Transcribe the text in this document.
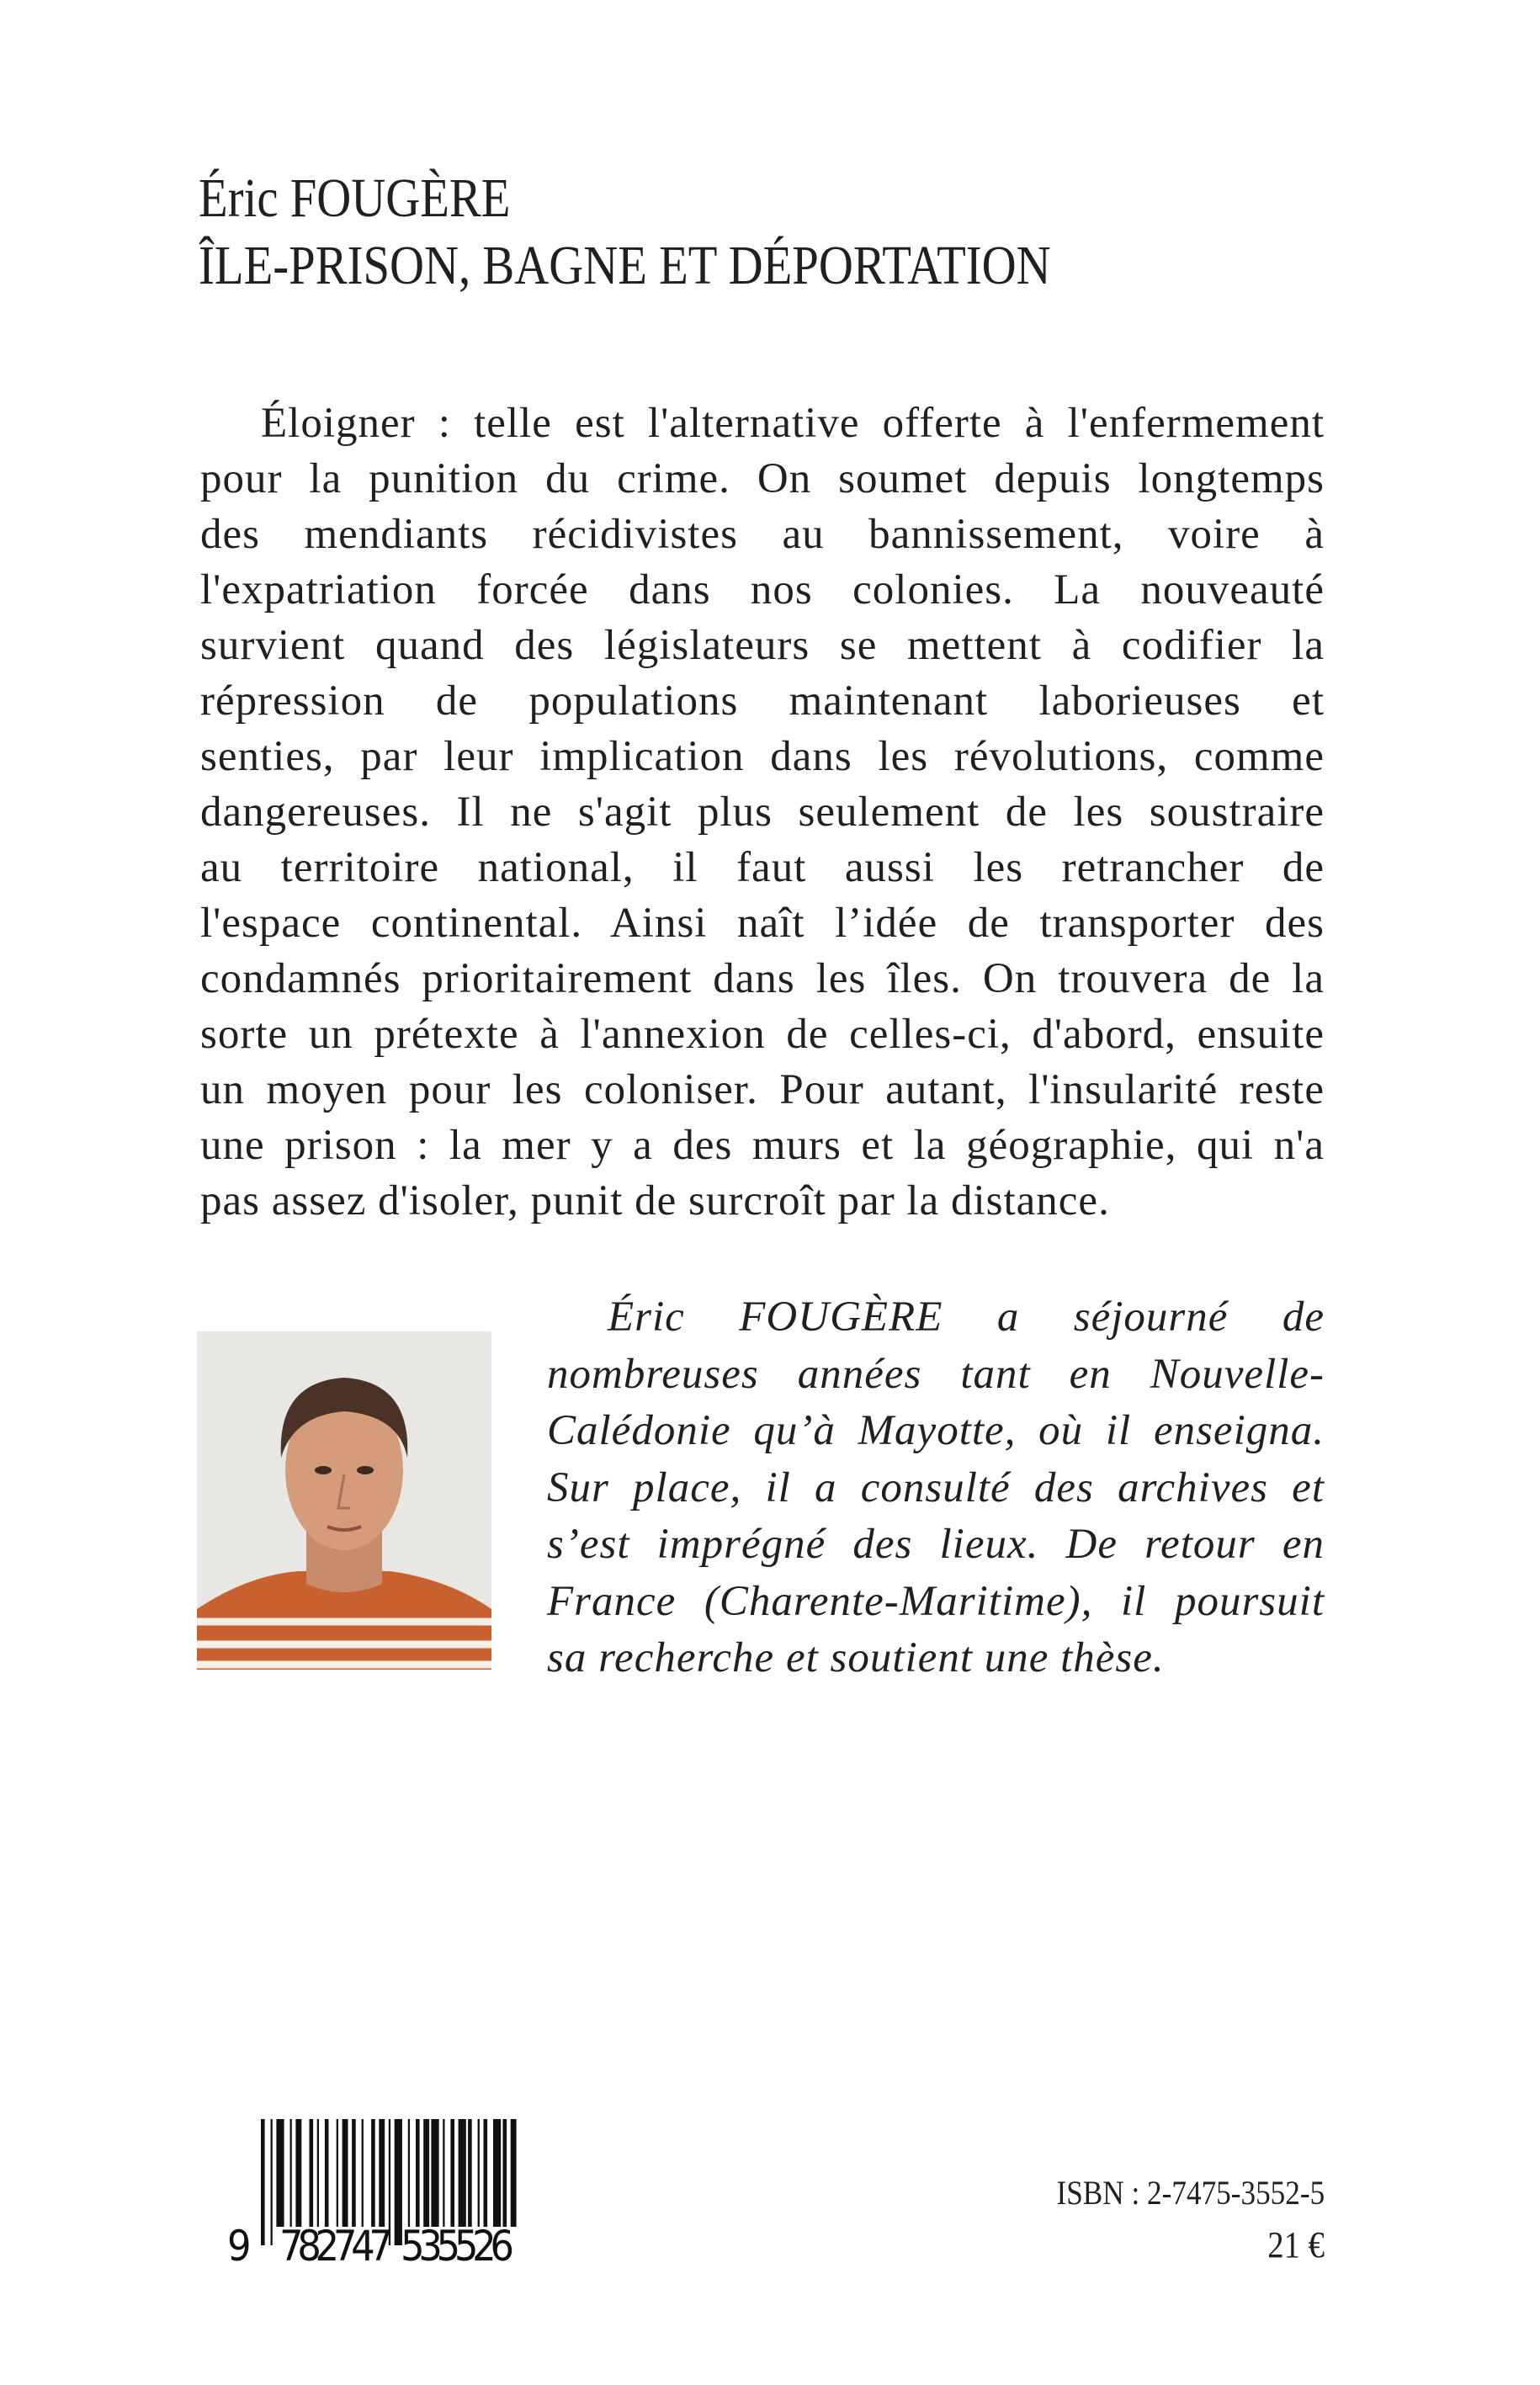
Éric FOUGÈRE
ÎLE-PRISON, BAGNE ET DÉPORTATION
Éloigner : telle est l'alternative offerte à l'enfermement
pour la punition du crime. On soumet depuis longtemps
des mendiants récidivistes au bannissement, voire à
l'expatriation forcée dans nos colonies. La nouveauté
survient quand des législateurs se mettent à codifier la
répression de populations maintenant laborieuses et
senties, par leur implication dans les révolutions, comme
dangereuses. Il ne s'agit plus seulement de les soustraire
au territoire national, il faut aussi les retrancher de
l'espace continental. Ainsi naît l’idée de transporter des
condamnés prioritairement dans les îles. On trouvera de la
sorte un prétexte à l'annexion de celles-ci, d'abord, ensuite
un moyen pour les coloniser. Pour autant, l'insularité reste
une prison : la mer y a des murs et la géographie, qui n'a
pas assez d'isoler, punit de surcroît par la distance.
Éric FOUGÈRE a séjourné de
nombreuses années tant en Nouvelle-
Calédonie qu’à Mayotte, où il enseigna.
Sur place, il a consulté des archives et
s’est imprégné des lieux. De retour en
France (Charente-Maritime), il poursuit
sa recherche et soutient une thèse.
9 782747 535526
ISBN : 2-7475-3552-5
21 €
